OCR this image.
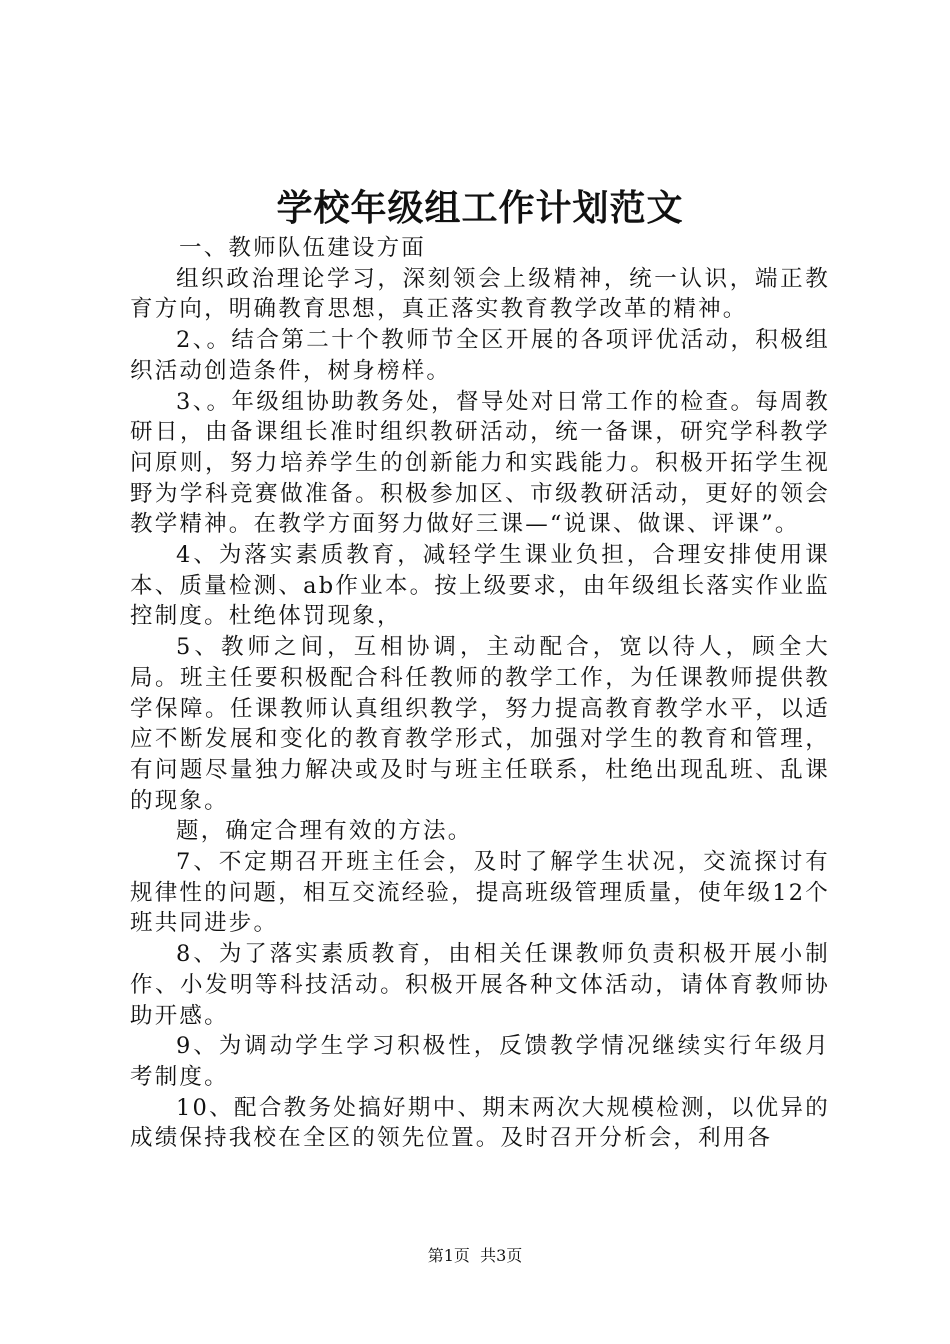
学校年级组工作计划范文

一、教师队伍建设方面

组织政治理论学习，深刻领会上级精神，统一认识，端正教育方向，明确教育思想，真正落实教育教学改革的精神。

2、。结合第二十个教师节全区开展的各项评优活动，积极组织活动创造条件，树身榜样。

3、。年级组协助教务处，督导处对日常工作的检查。每周教研日，由备课组长准时组织教研活动，统一备课，研究学科教学问原则，努力培养学生的创新能力和实践能力。积极开拓学生视野为学科竞赛做准备。积极参加区、市级教研活动，更好的领会教学精神。在教学方面努力做好三课—“说课、做课、评课”。

4、为落实素质教育，减轻学生课业负担，合理安排使用课本、质量检测、ab作业本。按上级要求，由年级组长落实作业监控制度。杜绝体罚现象，

5、教师之间，互相协调，主动配合，宽以待人，顾全大局。班主任要积极配合科任教师的教学工作，为任课教师提供教学保障。任课教师认真组织教学，努力提高教育教学水平，以适应不断发展和变化的教育教学形式，加强对学生的教育和管理，有问题尽量独力解决或及时与班主任联系，杜绝出现乱班、乱课的现象。

题，确定合理有效的方法。

7、不定期召开班主任会，及时了解学生状况，交流探讨有规律性的问题，相互交流经验，提高班级管理质量，使年级12个班共同进步。

8、为了落实素质教育，由相关任课教师负责积极开展小制作、小发明等科技活动。积极开展各种文体活动，请体育教师协助开感。

9、为调动学生学习积极性，反馈教学情况继续实行年级月考制度。

10、配合教务处搞好期中、期末两次大规模检测，以优异的成绩保持我校在全区的领先位置。及时召开分析会，利用各

第1页 共3页
